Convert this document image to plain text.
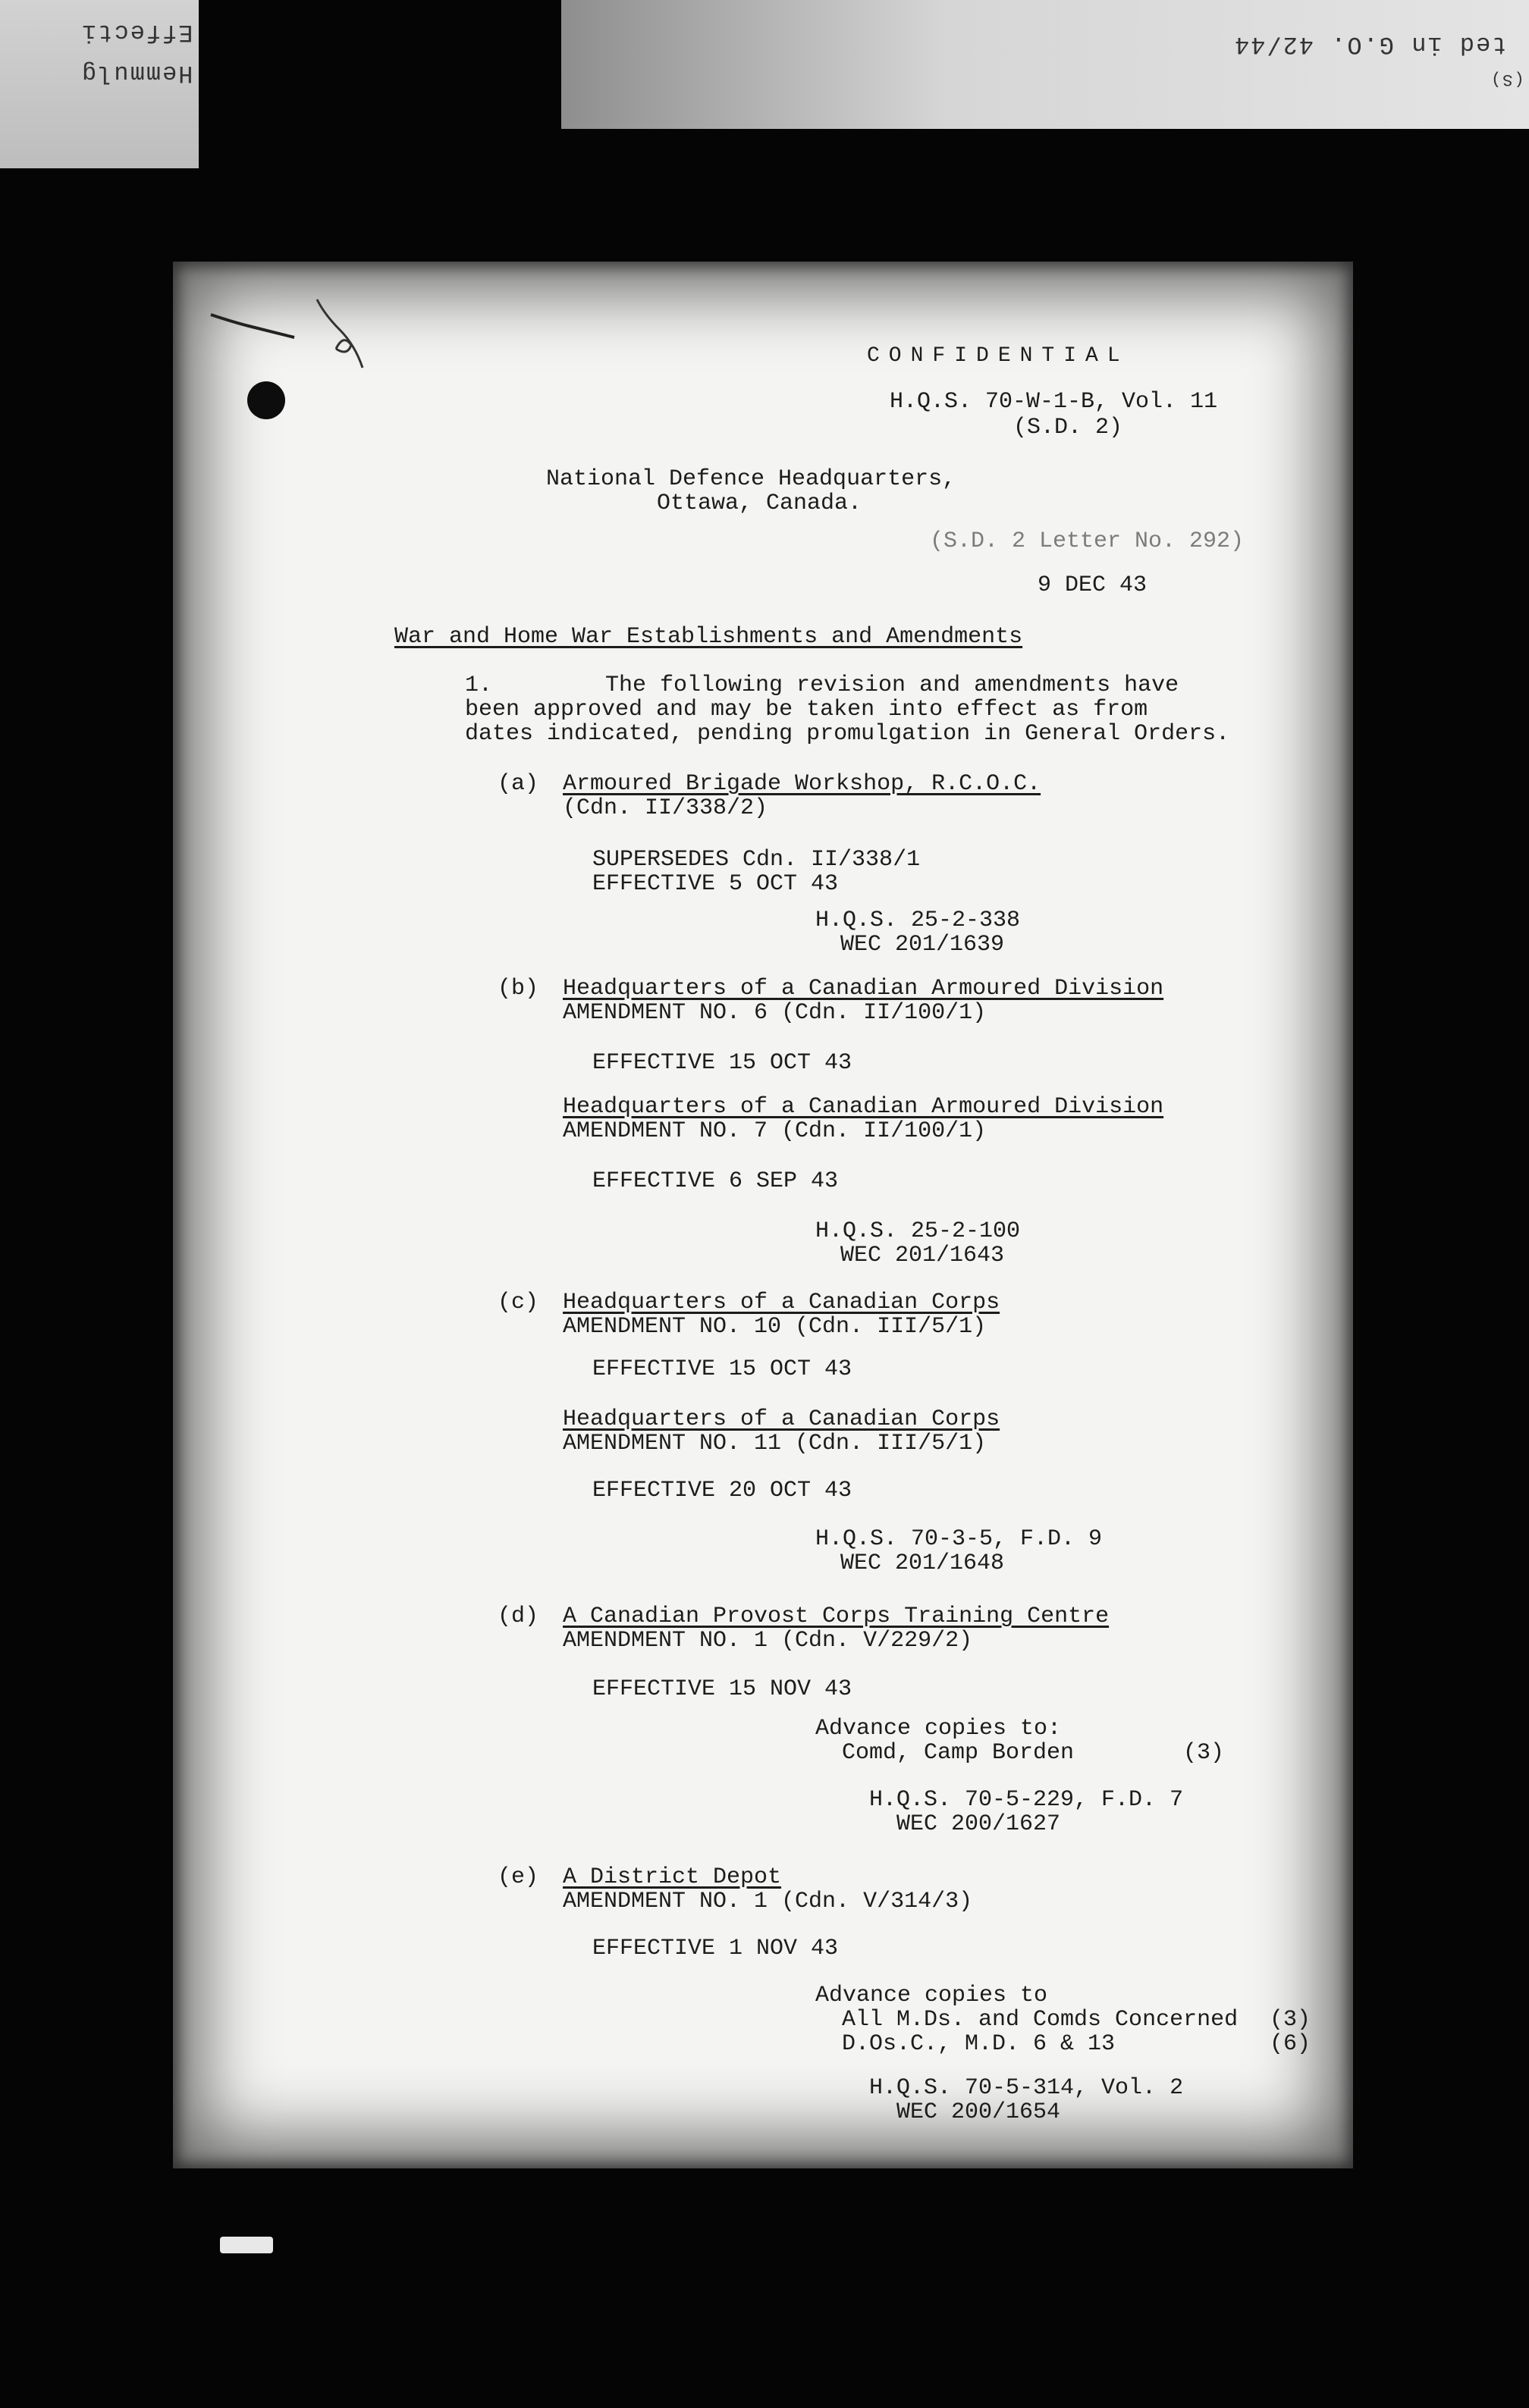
Effecti
Hemmulg
ted in G.O. 42/44
(S)
CONFIDENTIAL
H.Q.S. 70-W-1-B, Vol. 11
(S.D. 2)
National Defence Headquarters,
Ottawa, Canada.
(S.D. 2 Letter No. 292)
9 DEC 43
War and Home War Establishments and Amendments
1.	The following revision and amendments have
been approved and may be taken into effect as from
dates indicated, pending promulgation in General Orders.
(a) Armoured Brigade Workshop, R.C.O.C.
(Cdn. II/338/2)
SUPERSEDES Cdn. II/338/1
EFFECTIVE 5 OCT 43
H.Q.S. 25-2-338
WEC 201/1639
(b) Headquarters of a Canadian Armoured Division
AMENDMENT NO. 6 (Cdn. II/100/1)
EFFECTIVE 15 OCT 43
Headquarters of a Canadian Armoured Division
AMENDMENT NO. 7 (Cdn. II/100/1)
EFFECTIVE 6 SEP 43
H.Q.S. 25-2-100
WEC 201/1643
(c) Headquarters of a Canadian Corps
AMENDMENT NO. 10 (Cdn. III/5/1)
EFFECTIVE 15 OCT 43
Headquarters of a Canadian Corps
AMENDMENT NO. 11 (Cdn. III/5/1)
EFFECTIVE 20 OCT 43
H.Q.S. 70-3-5, F.D. 9
WEC 201/1648
(d) A Canadian Provost Corps Training Centre
AMENDMENT NO. 1 (Cdn. V/229/2)
EFFECTIVE 15 NOV 43
Advance copies to:
Comd, Camp Borden	(3)
H.Q.S. 70-5-229, F.D. 7
WEC 200/1627
(e) A District Depot
AMENDMENT NO. 1 (Cdn. V/314/3)
EFFECTIVE 1 NOV 43
Advance copies to
All M.Ds. and Comds Concerned (3)
D.Os.C., M.D. 6 & 13	(6)
H.Q.S. 70-5-314, Vol. 2
WEC 200/1654
